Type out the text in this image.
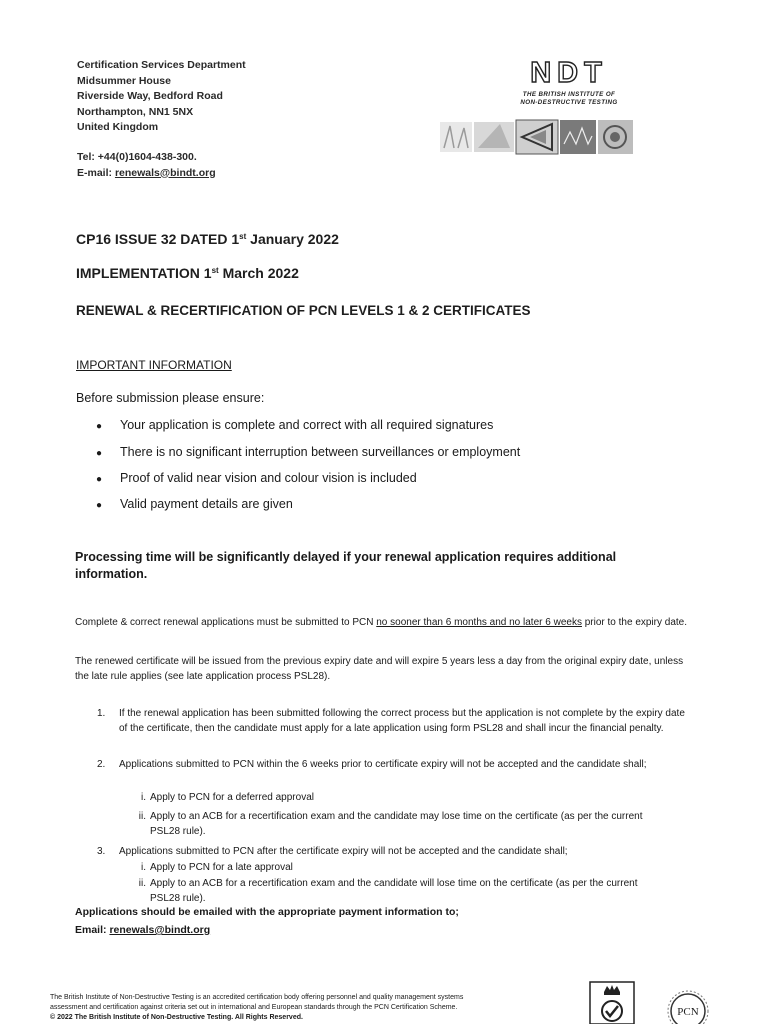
Certification Services Department
Midsummer House
Riverside Way, Bedford Road
Northampton, NN1 5NX
United Kingdom
Tel: +44(0)1604-438-300.
E-mail: renewals@bindt.org
NDT
THE BRITISH INSTITUTE OF
NON-DESTRUCTIVE TESTING
CP16 ISSUE 32 DATED 1st January 2022
IMPLEMENTATION 1st March 2022
RENEWAL & RECERTIFICATION OF PCN LEVELS 1 & 2 CERTIFICATES
IMPORTANT INFORMATION
Before submission please ensure:
● Your application is complete and correct with all required signatures
● There is no significant interruption between surveillances or employment
● Proof of valid near vision and colour vision is included
● Valid payment details are given
Processing time will be significantly delayed if your renewal application requires additional information.
Complete & correct renewal applications must be submitted to PCN no sooner than 6 months and no later 6 weeks prior to the expiry date.
The renewed certificate will be issued from the previous expiry date and will expire 5 years less a day from the original expiry date, unless the late rule applies (see late application process PSL28).
1. If the renewal application has been submitted following the correct process but the application is not complete by the expiry date of the certificate, then the candidate must apply for a late application using form PSL28 and shall incur the financial penalty.
2. Applications submitted to PCN within the 6 weeks prior to certificate expiry will not be accepted and the candidate shall;
i. Apply to PCN for a deferred approval
ii. Apply to an ACB for a recertification exam and the candidate may lose time on the certificate (as per the current PSL28 rule).
3. Applications submitted to PCN after the certificate expiry will not be accepted and the candidate shall;
i. Apply to PCN for a late approval
ii. Apply to an ACB for a recertification exam and the candidate will lose time on the certificate (as per the current PSL28 rule).
Applications should be emailed with the appropriate payment information to;
Email: renewals@bindt.org
The British Institute of Non-Destructive Testing is an accredited certification body offering personnel and quality management systems
assessment and certification against criteria set out in international and European standards through the PCN Certification Scheme.
© 2022 The British Institute of Non-Destructive Testing. All Rights Reserved.	PCN
